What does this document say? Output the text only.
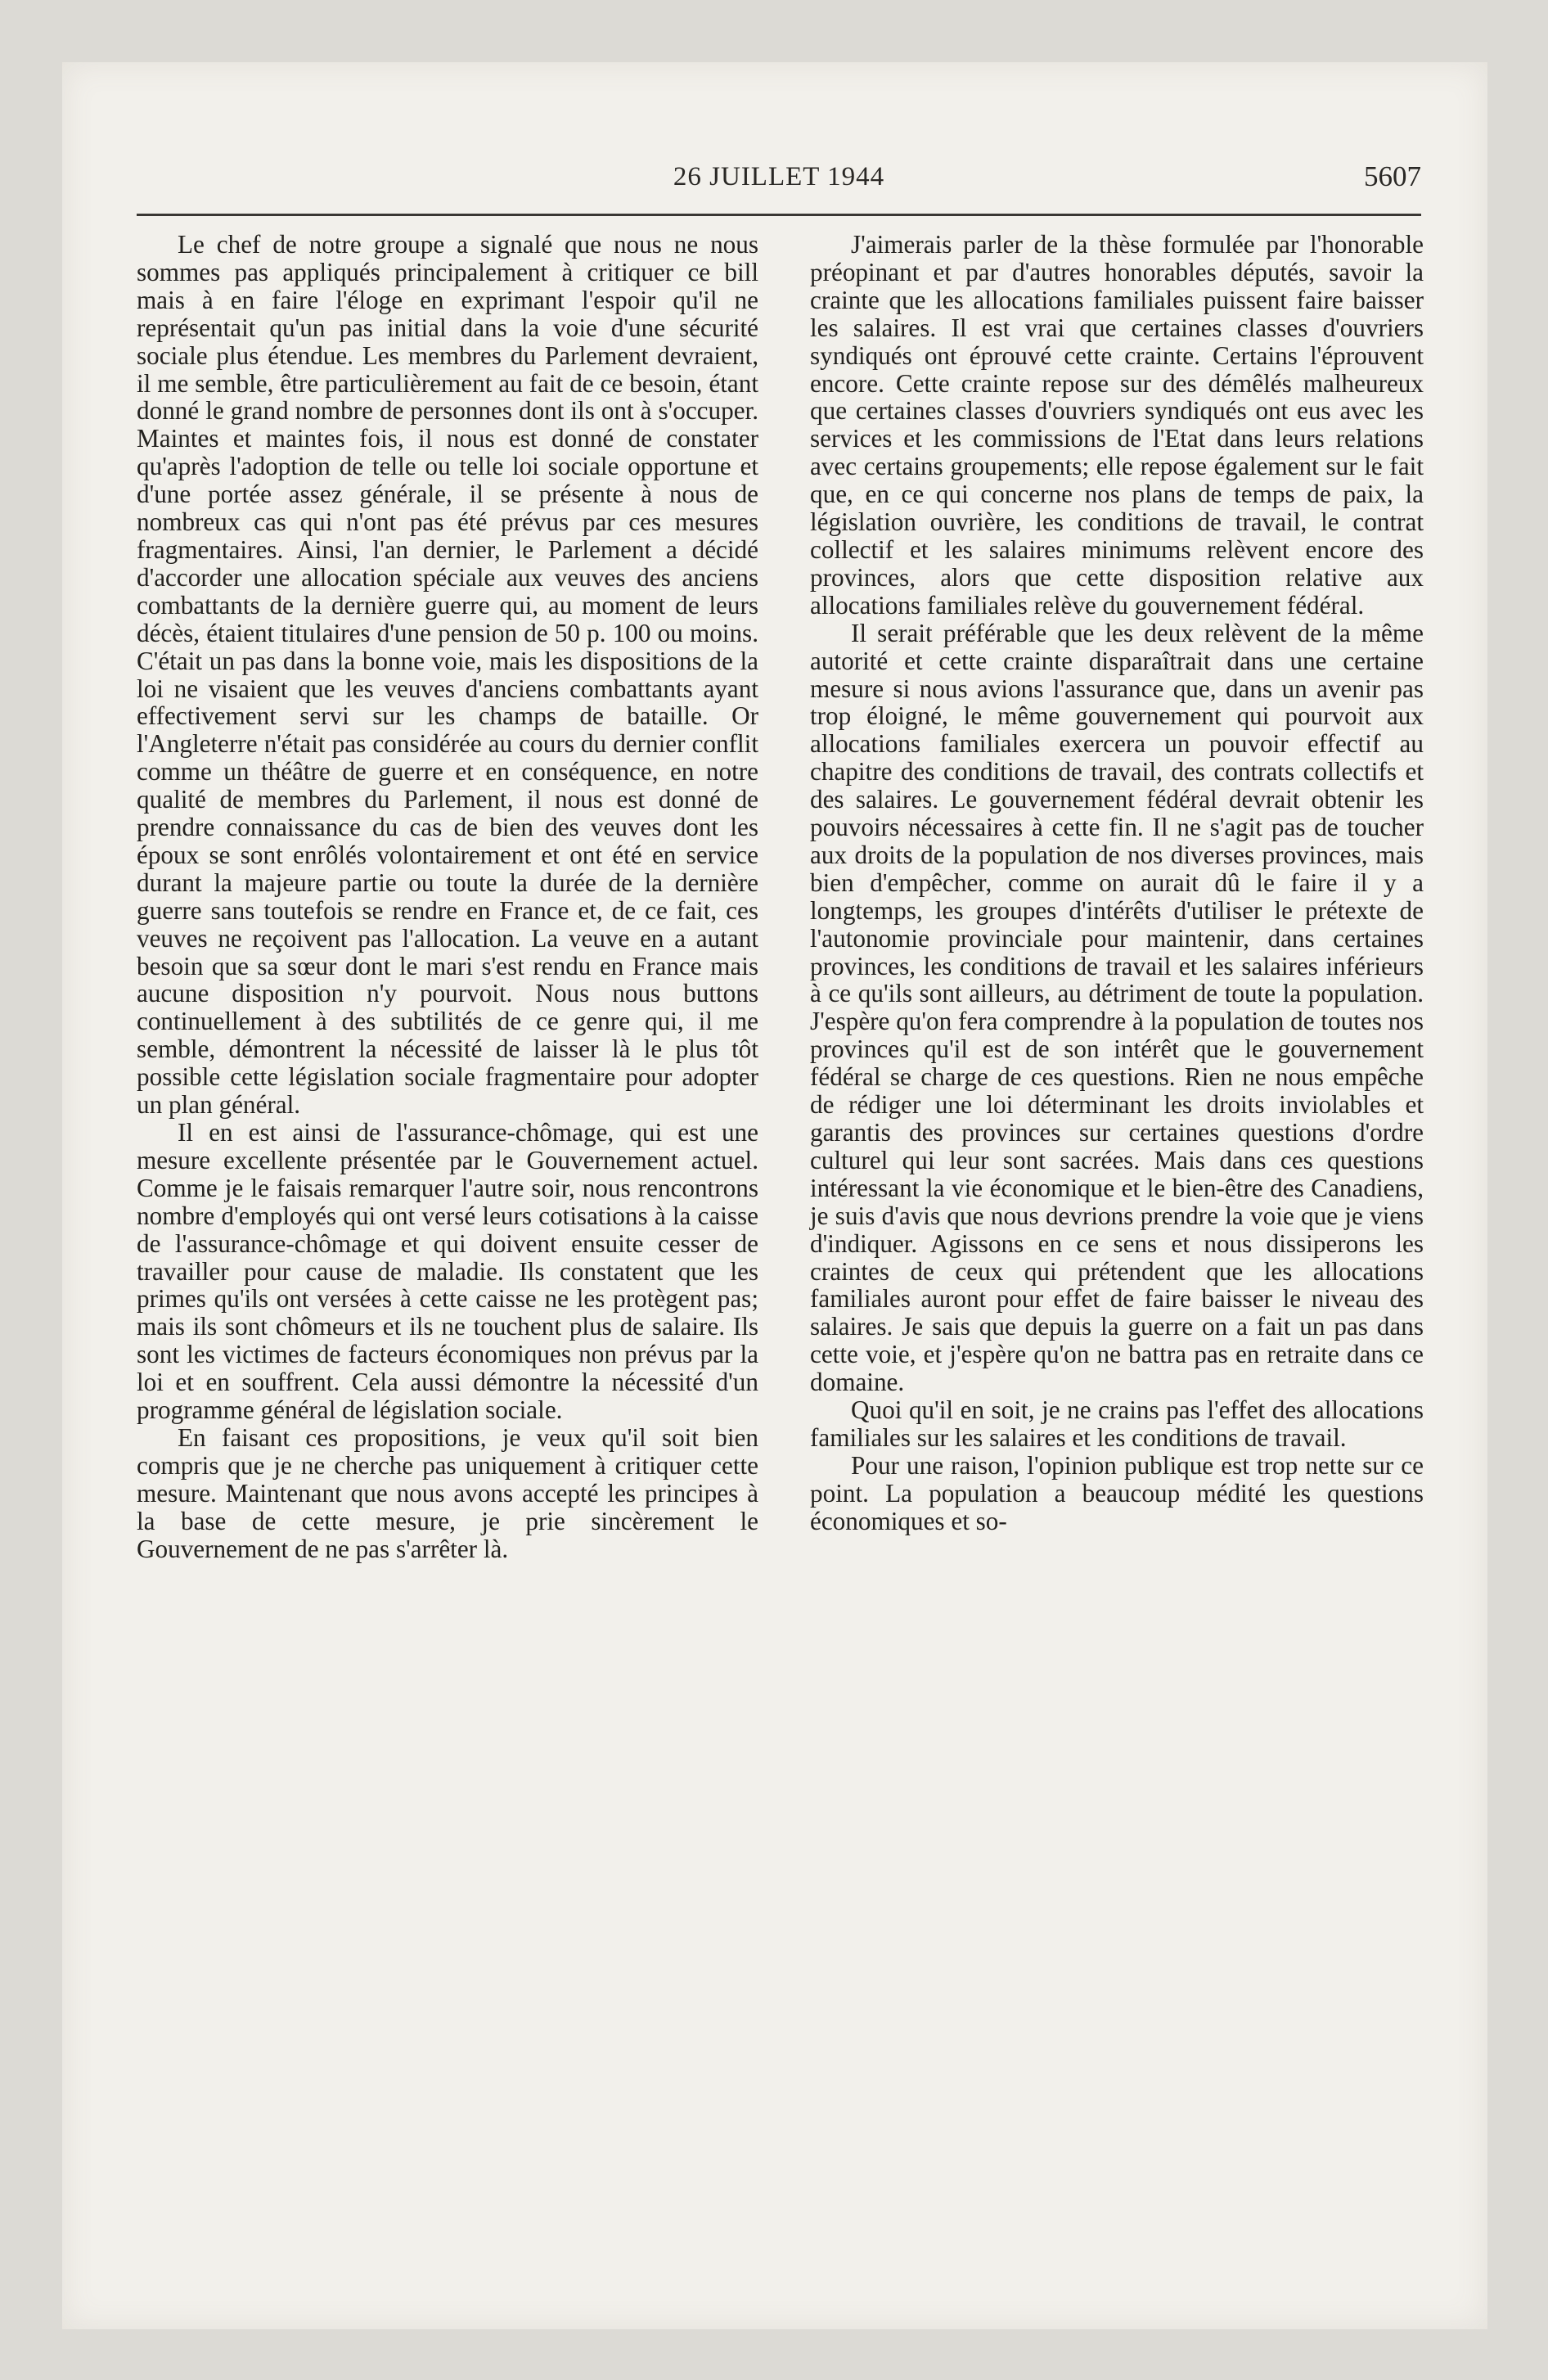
26 JUILLET 1944	5607

Le chef de notre groupe a signalé que nous ne nous sommes pas appliqués principalement à critiquer ce bill mais à en faire l'éloge en exprimant l'espoir qu'il ne représentait qu'un pas initial dans la voie d'une sécurité sociale plus étendue. Les membres du Parlement devraient, il me semble, être particulièrement au fait de ce besoin, étant donné le grand nombre de personnes dont ils ont à s'occuper. Maintes et maintes fois, il nous est donné de constater qu'après l'adoption de telle ou telle loi sociale opportune et d'une portée assez générale, il se présente à nous de nombreux cas qui n'ont pas été prévus par ces mesures fragmentaires. Ainsi, l'an dernier, le Parlement a décidé d'accorder une allocation spéciale aux veuves des anciens combattants de la dernière guerre qui, au moment de leurs décès, étaient titulaires d'une pension de 50 p. 100 ou moins. C'était un pas dans la bonne voie, mais les dispositions de la loi ne visaient que les veuves d'anciens combattants ayant effectivement servi sur les champs de bataille. Or l'Angleterre n'était pas considérée au cours du dernier conflit comme un théâtre de guerre et en conséquence, en notre qualité de membres du Parlement, il nous est donné de prendre connaissance du cas de bien des veuves dont les époux se sont enrôlés volontairement et ont été en service durant la majeure partie ou toute la durée de la dernière guerre sans toutefois se rendre en France et, de ce fait, ces veuves ne reçoivent pas l'allocation. La veuve en a autant besoin que sa sœur dont le mari s'est rendu en France mais aucune disposition n'y pourvoit. Nous nous buttons continuellement à des subtilités de ce genre qui, il me semble, démontrent la nécessité de laisser là le plus tôt possible cette législation sociale fragmentaire pour adopter un plan général.

Il en est ainsi de l'assurance-chômage, qui est une mesure excellente présentée par le Gouvernement actuel. Comme je le faisais remarquer l'autre soir, nous rencontrons nombre d'employés qui ont versé leurs cotisations à la caisse de l'assurance-chômage et qui doivent ensuite cesser de travailler pour cause de maladie. Ils constatent que les primes qu'ils ont versées à cette caisse ne les protègent pas; mais ils sont chômeurs et ils ne touchent plus de salaire. Ils sont les victimes de facteurs économiques non prévus par la loi et en souffrent. Cela aussi démontre la nécessité d'un programme général de législation sociale.

En faisant ces propositions, je veux qu'il soit bien compris que je ne cherche pas uniquement à critiquer cette mesure. Maintenant que nous avons accepté les principes à la base de cette mesure, je prie sincèrement le Gouvernement de ne pas s'arrêter là.

J'aimerais parler de la thèse formulée par l'honorable préopinant et par d'autres honorables députés, savoir la crainte que les allocations familiales puissent faire baisser les salaires. Il est vrai que certaines classes d'ouvriers syndiqués ont éprouvé cette crainte. Certains l'éprouvent encore. Cette crainte repose sur des démêlés malheureux que certaines classes d'ouvriers syndiqués ont eus avec les services et les commissions de l'Etat dans leurs relations avec certains groupements; elle repose également sur le fait que, en ce qui concerne nos plans de temps de paix, la législation ouvrière, les conditions de travail, le contrat collectif et les salaires minimums relèvent encore des provinces, alors que cette disposition relative aux allocations familiales relève du gouvernement fédéral.

Il serait préférable que les deux relèvent de la même autorité et cette crainte disparaîtrait dans une certaine mesure si nous avions l'assurance que, dans un avenir pas trop éloigné, le même gouvernement qui pourvoit aux allocations familiales exercera un pouvoir effectif au chapitre des conditions de travail, des contrats collectifs et des salaires. Le gouvernement fédéral devrait obtenir les pouvoirs nécessaires à cette fin. Il ne s'agit pas de toucher aux droits de la population de nos diverses provinces, mais bien d'empêcher, comme on aurait dû le faire il y a longtemps, les groupes d'intérêts d'utiliser le prétexte de l'autonomie provinciale pour maintenir, dans certaines provinces, les conditions de travail et les salaires inférieurs à ce qu'ils sont ailleurs, au détriment de toute la population. J'espère qu'on fera comprendre à la population de toutes nos provinces qu'il est de son intérêt que le gouvernement fédéral se charge de ces questions. Rien ne nous empêche de rédiger une loi déterminant les droits inviolables et garantis des provinces sur certaines questions d'ordre culturel qui leur sont sacrées. Mais dans ces questions intéressant la vie économique et le bien-être des Canadiens, je suis d'avis que nous devrions prendre la voie que je viens d'indiquer. Agissons en ce sens et nous dissiperons les craintes de ceux qui prétendent que les allocations familiales auront pour effet de faire baisser le niveau des salaires. Je sais que depuis la guerre on a fait un pas dans cette voie, et j'espère qu'on ne battra pas en retraite dans ce domaine.

Quoi qu'il en soit, je ne crains pas l'effet des allocations familiales sur les salaires et les conditions de travail.

Pour une raison, l'opinion publique est trop nette sur ce point. La population a beaucoup médité les questions économiques et so-
